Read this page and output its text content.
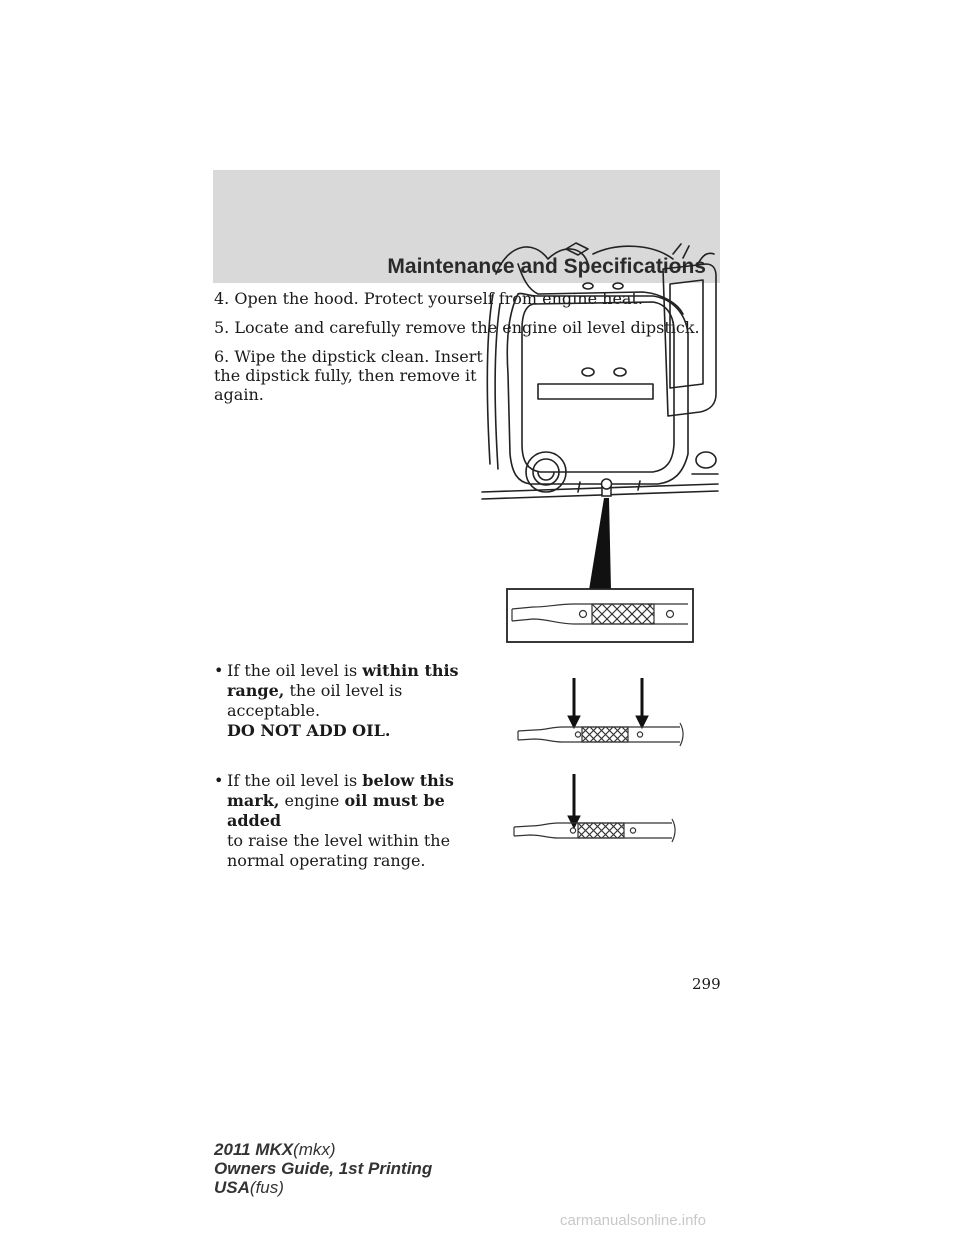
Maintenance and Specifications

4. Open the hood. Protect yourself from engine heat.

5. Locate and carefully remove the engine oil level dipstick.

6. Wipe the dipstick clean. Insert

the dipstick fully, then remove it

again.

• If the oil level is within this
range, the oil level is acceptable.
DO NOT ADD OIL.
• If the oil level is below this
mark, engine oil must be added
to raise the level within the
normal operating range.
299
2011 MKX(mkx)
Owners Guide, 1st Printing
USA(fus)
carmanualsonline.info
